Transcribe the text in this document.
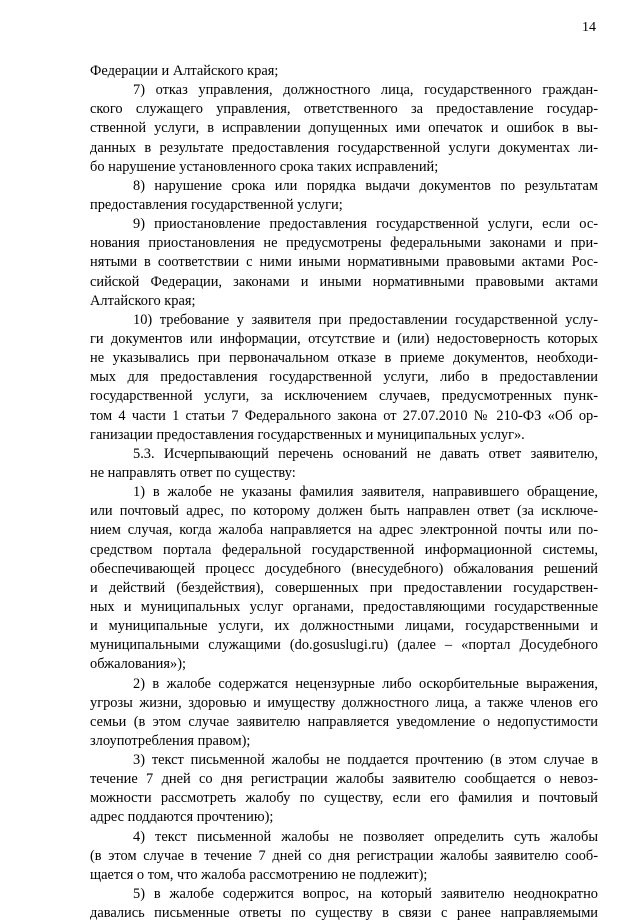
14
Федерации и Алтайского края;
7) отказ управления, должностного лица, государственного граждан-
ского служащего управления, ответственного за предоставление государ-
ственной услуги, в исправлении допущенных ими опечаток и ошибок в вы-
данных в результате предоставления государственной услуги документах ли-
бо нарушение установленного срока таких исправлений;
8) нарушение срока или порядка выдачи документов по результатам
предоставления государственной услуги;
9) приостановление предоставления государственной услуги, если ос-
нования приостановления не предусмотрены федеральными законами и при-
нятыми в соответствии с ними иными нормативными правовыми актами Рос-
сийской Федерации, законами и иными нормативными правовыми актами
Алтайского края;
10) требование у заявителя при предоставлении государственной услу-
ги документов или информации, отсутствие и (или) недостоверность которых
не указывались при первоначальном отказе в приеме документов, необходи-
мых для предоставления государственной услуги, либо в предоставлении
государственной услуги, за исключением случаев, предусмотренных пунк-
том 4 части 1 статьи 7 Федерального закона от 27.07.2010 № 210-ФЗ «Об ор-
ганизации предоставления государственных и муниципальных услуг».
5.3. Исчерпывающий перечень оснований не давать ответ заявителю,
не направлять ответ по существу:
1) в жалобе не указаны фамилия заявителя, направившего обращение,
или почтовый адрес, по которому должен быть направлен ответ (за исключе-
нием случая, когда жалоба направляется на адрес электронной почты или по-
средством портала федеральной государственной информационной системы,
обеспечивающей процесс досудебного (внесудебного) обжалования решений
и действий (бездействия), совершенных при предоставлении государствен-
ных и муниципальных услуг органами, предоставляющими государственные
и муниципальные услуги, их должностными лицами, государственными и
муниципальными служащими (do.gosuslugi.ru) (далее – «портал Досудебного
обжалования»);
2) в жалобе содержатся нецензурные либо оскорбительные выражения,
угрозы жизни, здоровью и имуществу должностного лица, а также членов его
семьи (в этом случае заявителю направляется уведомление о недопустимости
злоупотребления правом);
3) текст письменной жалобы не поддается прочтению (в этом случае в
течение 7 дней со дня регистрации жалобы заявителю сообщается о невоз-
можности рассмотреть жалобу по существу, если его фамилия и почтовый
адрес поддаются прочтению);
4) текст письменной жалобы не позволяет определить суть жалобы
(в этом случае в течение 7 дней со дня регистрации жалобы заявителю сооб-
щается о том, что жалоба рассмотрению не подлежит);
5) в жалобе содержится вопрос, на который заявителю неоднократно
давались письменные ответы по существу в связи с ранее направляемыми
